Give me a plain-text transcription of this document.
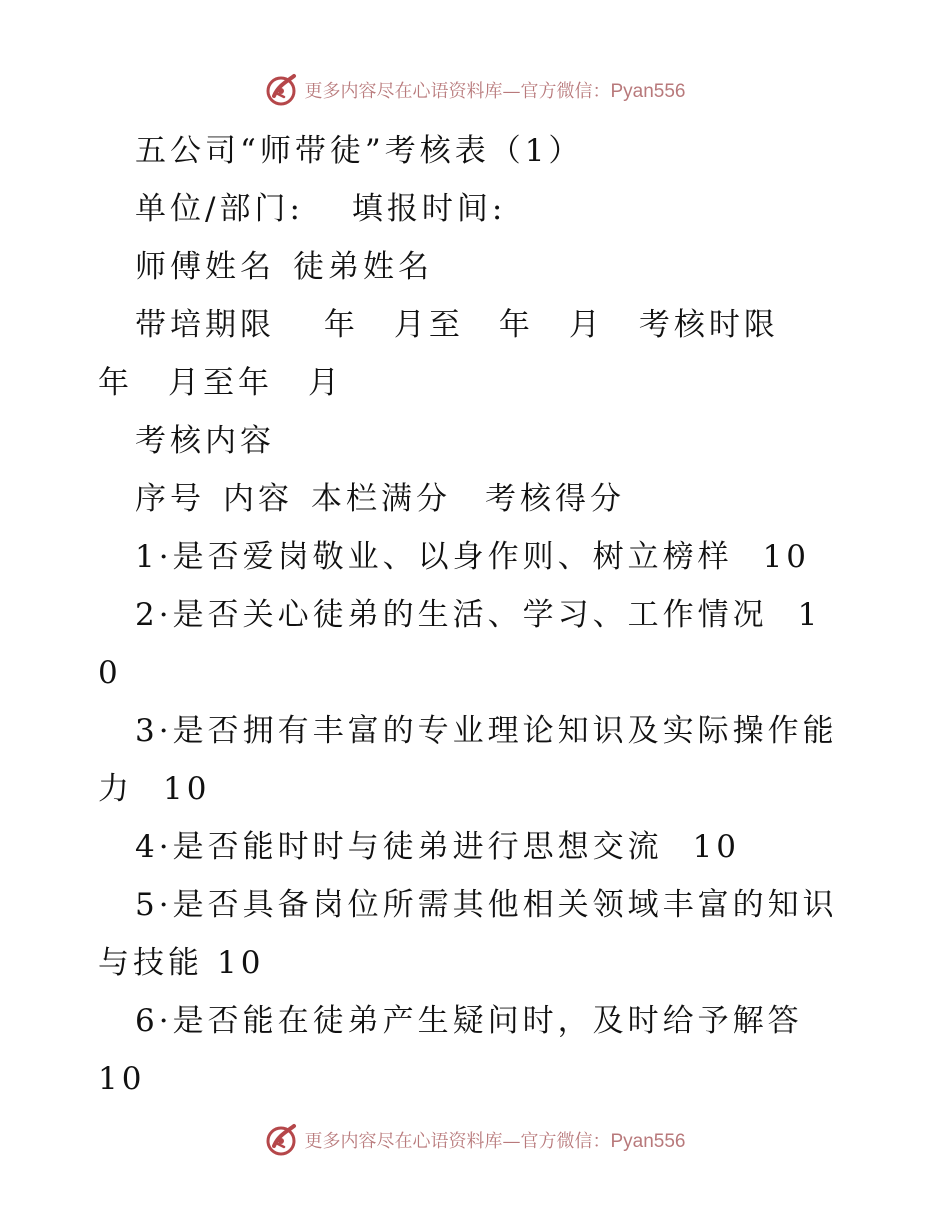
更多内容尽在心语资料库—官方微信：Pyan556

五公司“师带徒”考核表（1）

单位/部门: 填报时间:

师傅姓名 徒弟姓名

带培期限　 年　月至　年　月　考核时限　年　月至年　月

考核内容

序号 内容 本栏满分 考核得分

1·是否爱岗敬业、以身作则、树立榜样 10

2·是否关心徒弟的生活、学习、工作情况 10

3·是否拥有丰富的专业理论知识及实际操作能力 10

4·是否能时时与徒弟进行思想交流 10

5·是否具备岗位所需其他相关领域丰富的知识与技能 10

6·是否能在徒弟产生疑问时，及时给予解答10

更多内容尽在心语资料库—官方微信：Pyan556
